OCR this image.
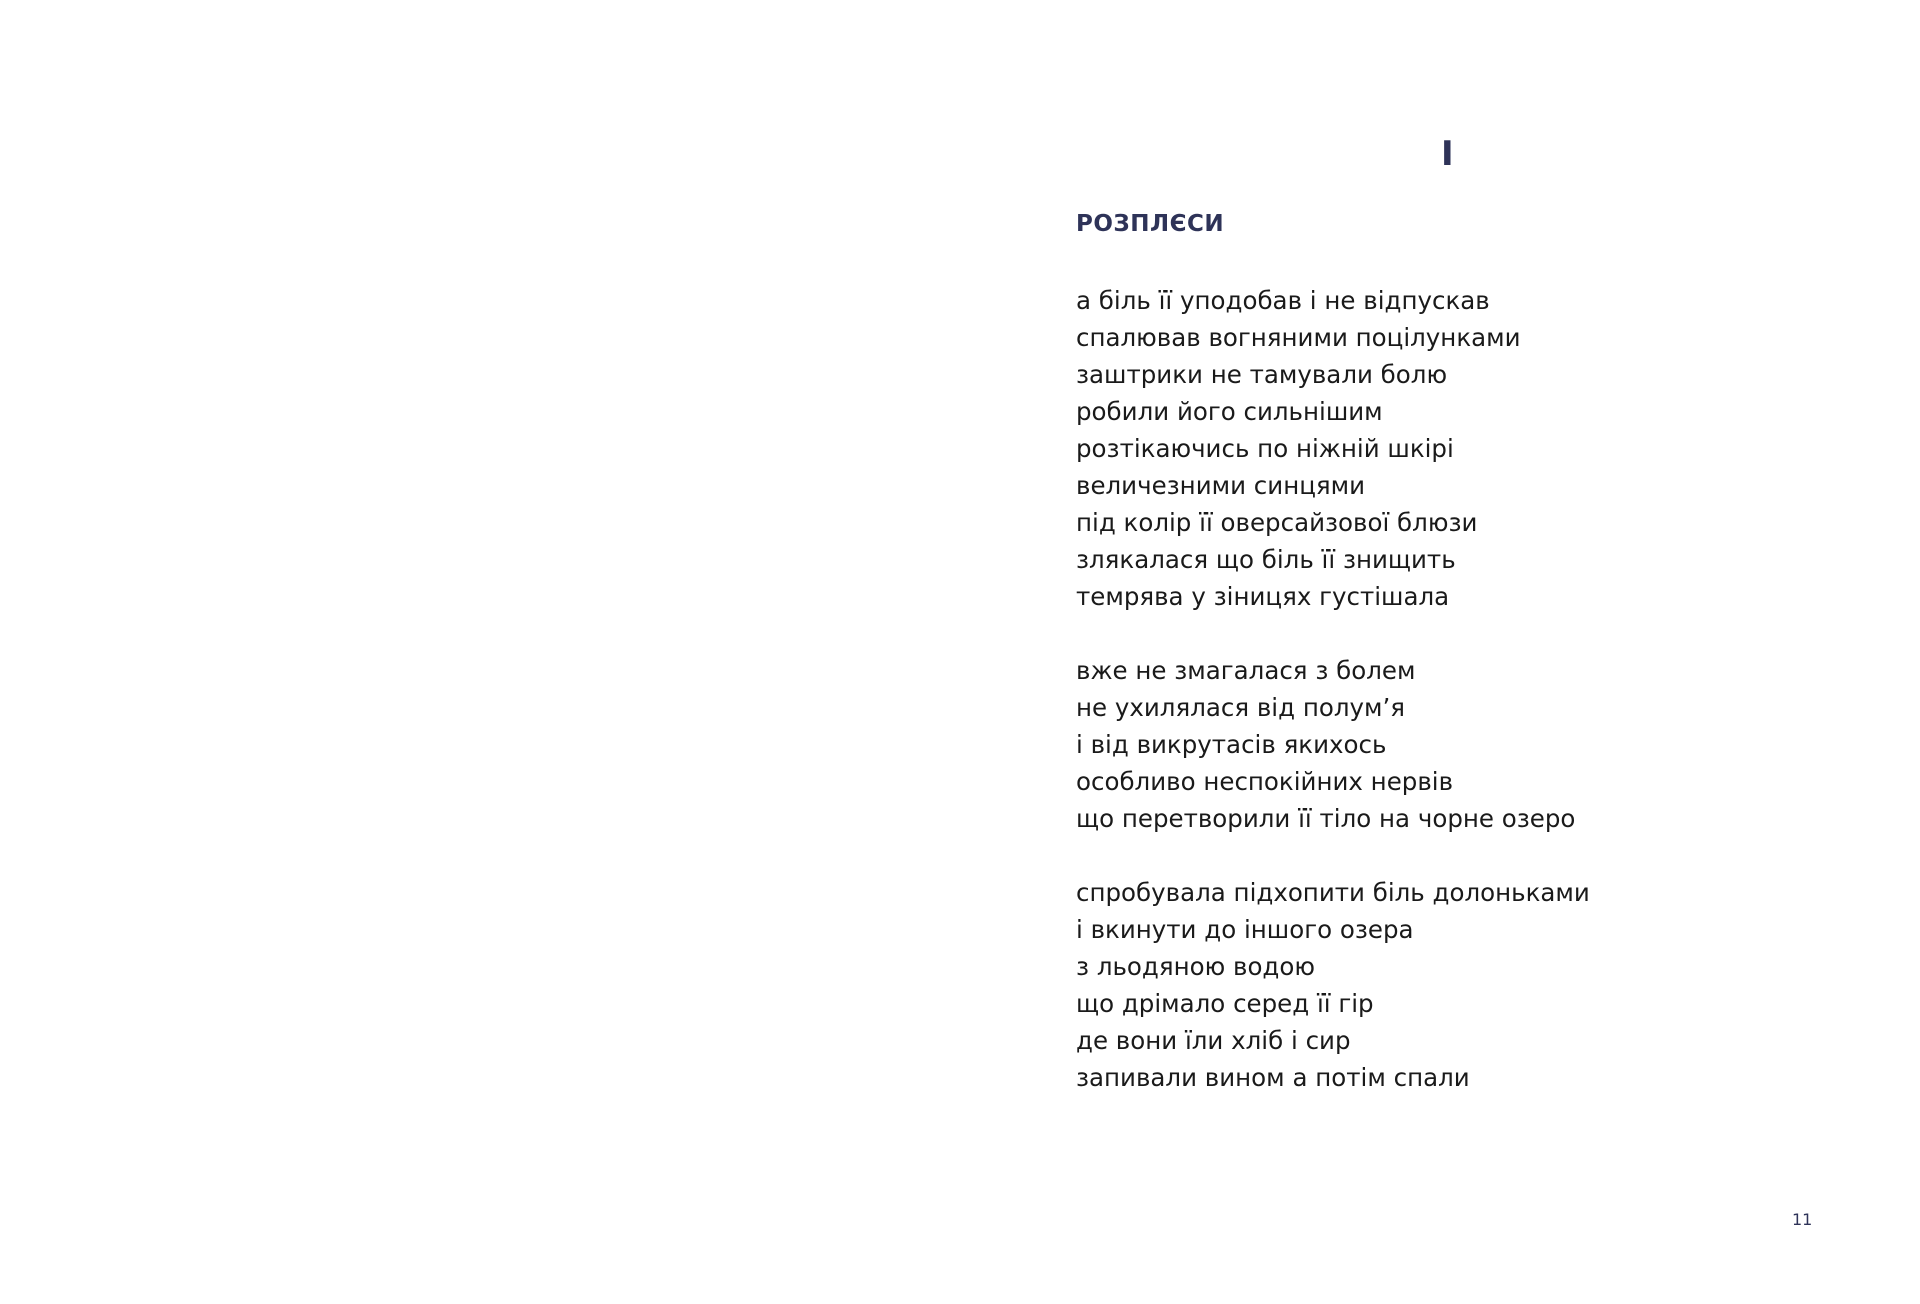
I
РОЗПЛЄСИ
а біль її уподобав і не відпускав
спалював вогняними поцілунками
заштрики не тамували болю
робили його сильнішим
розтікаючись по ніжній шкірі
величезними синцями
під колір її оверсайзової блюзи
злякалася що біль її знищить
темрява у зіницях густішала
вже не змагалася з болем
не ухилялася від полум’я
і від викрутасів якихось
особливо неспокійних нервів
що перетворили її тіло на чорне озеро
спробувала підхопити біль долоньками
і вкинути до іншого озера
з льодяною водою
що дрімало серед її гір
де вони їли хліб і сир
запивали вином а потім спали
11
